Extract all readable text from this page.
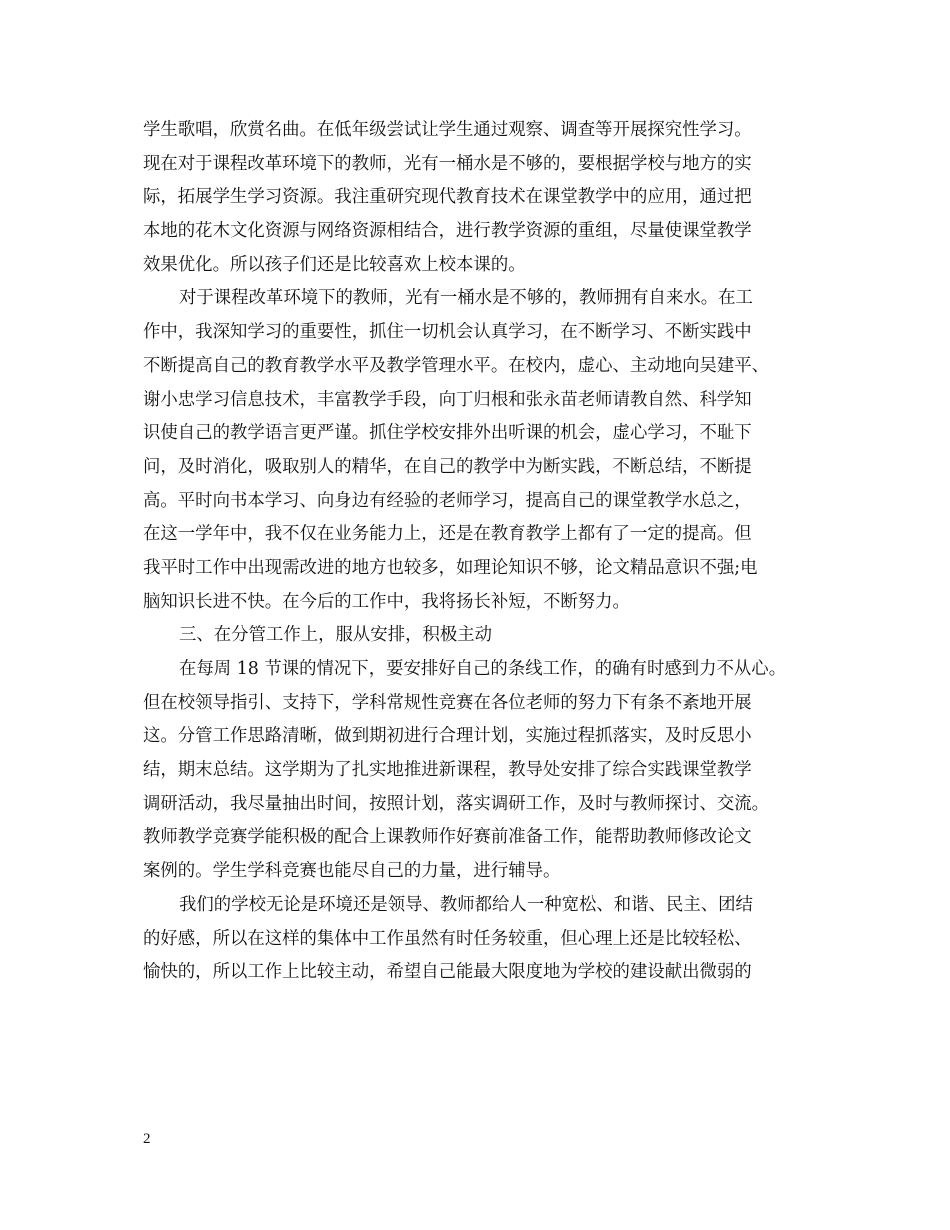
学生歌唱，欣赏名曲。在低年级尝试让学生通过观察、调查等开展探究性学习。
现在对于课程改革环境下的教师，光有一桶水是不够的，要根据学校与地方的实
际，拓展学生学习资源。我注重研究现代教育技术在课堂教学中的应用，通过把
本地的花木文化资源与网络资源相结合，进行教学资源的重组，尽量使课堂教学
效果优化。所以孩子们还是比较喜欢上校本课的。
对于课程改革环境下的教师，光有一桶水是不够的，教师拥有自来水。在工
作中，我深知学习的重要性，抓住一切机会认真学习，在不断学习、不断实践中
不断提高自己的教育教学水平及教学管理水平。在校内，虚心、主动地向吴建平、
谢小忠学习信息技术，丰富教学手段，向丁归根和张永苗老师请教自然、科学知
识使自己的教学语言更严谨。抓住学校安排外出听课的机会，虚心学习，不耻下
问，及时消化，吸取别人的精华，在自己的教学中为断实践，不断总结，不断提
高。平时向书本学习、向身边有经验的老师学习，提高自己的课堂教学水总之，
在这一学年中，我不仅在业务能力上，还是在教育教学上都有了一定的提高。但
我平时工作中出现需改进的地方也较多，如理论知识不够，论文精品意识不强;电
脑知识长进不快。在今后的工作中，我将扬长补短，不断努力。
三、在分管工作上，服从安排，积极主动
在每周 18 节课的情况下，要安排好自己的条线工作，的确有时感到力不从心。
但在校领导指引、支持下，学科常规性竞赛在各位老师的努力下有条不紊地开展
这。分管工作思路清晰，做到期初进行合理计划，实施过程抓落实，及时反思小
结，期末总结。这学期为了扎实地推进新课程，教导处安排了综合实践课堂教学
调研活动，我尽量抽出时间，按照计划，落实调研工作，及时与教师探讨、交流。
教师教学竞赛学能积极的配合上课教师作好赛前准备工作，能帮助教师修改论文
案例的。学生学科竞赛也能尽自己的力量，进行辅导。
我们的学校无论是环境还是领导、教师都给人一种宽松、和谐、民主、团结
的好感，所以在这样的集体中工作虽然有时任务较重，但心理上还是比较轻松、
愉快的，所以工作上比较主动，希望自己能最大限度地为学校的建设献出微弱的
2
